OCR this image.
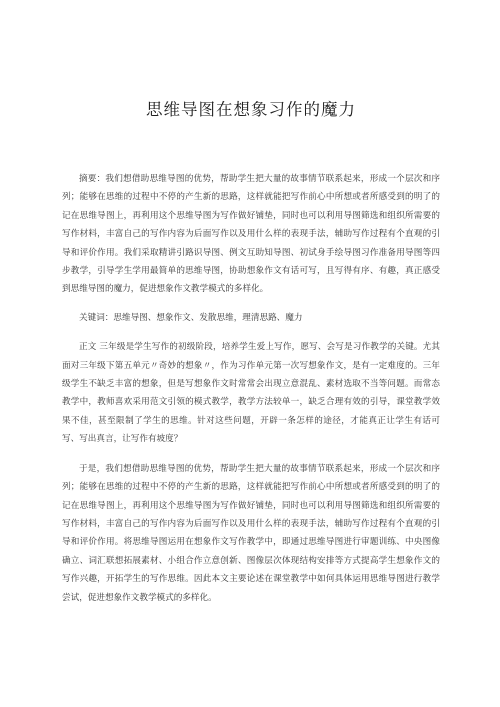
思维导图在想象习作的魔力

摘要：我们想借助思维导图的优势，帮助学生把大量的故事情节联系起来，形成一个层次和序列；能够在思维的过程中不停的产生新的思路，这样就能把写作前心中所想或者所感受到的明了的记在思维导图上，再利用这个思维导图为写作做好铺垫，同时也可以利用导图筛选和组织所需要的写作材料，丰富自己的写作内容为后面写作以及用什么样的表现手法，辅助写作过程有个直观的引导和评价作用。我们采取精讲引路识导图、例文互助知导图、初试身手绘导图习作准备用导图等四步教学，引导学生学用最简单的思维导图，协助想象作文有话可写，且写得有序、有趣，真正感受到思维导图的魔力，促进想象作文教学模式的多样化。

关键词：思维导图、想象作文、发散思维，理清思路、魔力

正文 三年级是学生写作的初级阶段，培养学生爱上写作，愿写、会写是习作教学的关键。尤其面对三年级下第五单元〃奇妙的想象〃，作为习作单元第一次写想象作文，是有一定难度的。三年级学生不缺乏丰富的想象，但是写想象作文时常常会出现立意混乱、素材选取不当等问题。而常态教学中，教师喜欢采用范文引领的模式教学，教学方法较单一，缺乏合理有效的引导，课堂教学效果不佳，甚至限制了学生的思维。针对这些问题，开辟一条怎样的途径，才能真正让学生有话可写、写出真言，让写作有坡度？

于是，我们想借助思维导图的优势，帮助学生把大量的故事情节联系起来，形成一个层次和序列；能够在思维的过程中不停的产生新的思路，这样就能把写作前心中所想或者所感受到的明了的记在思维导图上，再利用这个思维导图为写作做好铺垫，同时也可以利用导图筛选和组织所需要的写作材料，丰富自己的写作内容为后面写作以及用什么样的表现手法，辅助写作过程有个直观的引导和评价作用。将思维导图运用在想象作文写作教学中，即通过思维导图进行审题训练、中央图像确立、词汇联想拓展素材、小组合作立意创新、图像层次体现结构安排等方式提高学生想象作文的写作兴趣，开拓学生的写作思维。因此本文主要论述在课堂教学中如何具体运用思维导图进行教学尝试，促进想象作文教学模式的多样化。
